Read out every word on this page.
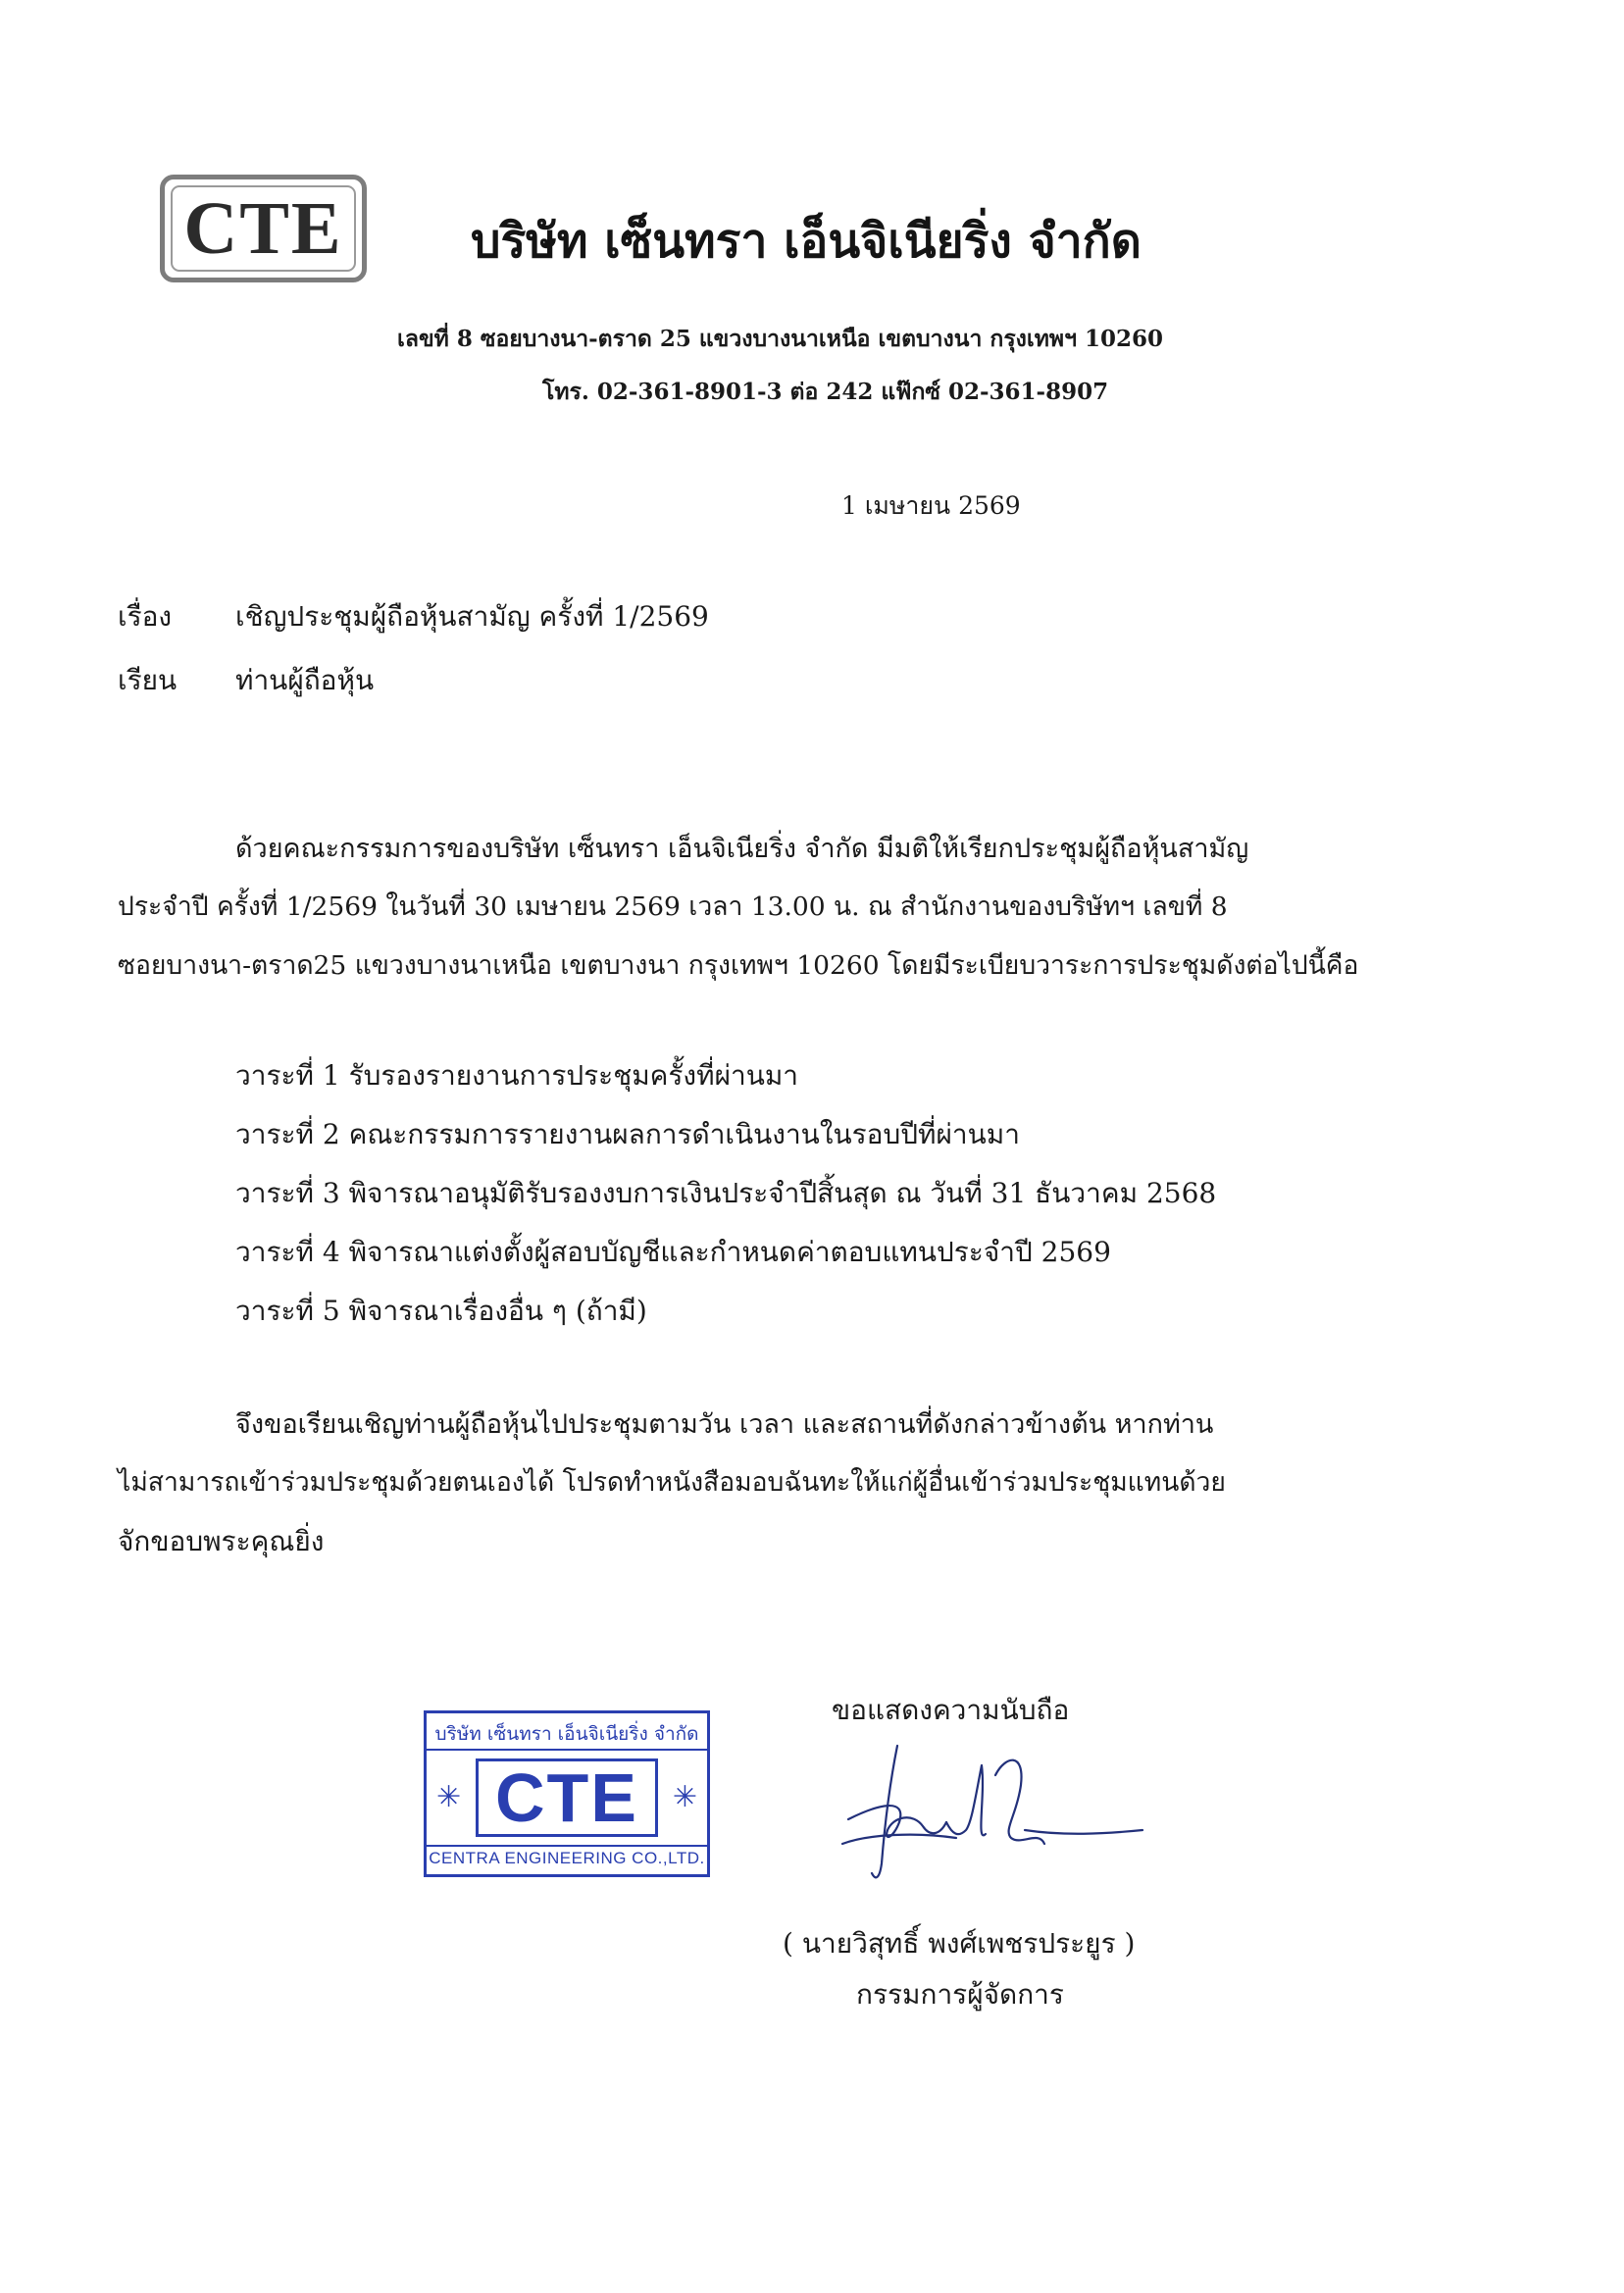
CTE	บริษัท เซ็นทรา เอ็นจิเนียริ่ง จำกัด
เลขที่ 8 ซอยบางนา-ตราด 25 แขวงบางนาเหนือ เขตบางนา กรุงเทพฯ 10260
โทร. 02-361-8901-3 ต่อ 242 แฟ๊กซ์ 02-361-8907
1 เมษายน 2569
เรื่อง เชิญประชุมผู้ถือหุ้นสามัญ ครั้งที่ 1/2569
เรียน ท่านผู้ถือหุ้น
ด้วยคณะกรรมการของบริษัท เซ็นทรา เอ็นจิเนียริ่ง จำกัด มีมติให้เรียกประชุมผู้ถือหุ้นสามัญ
ประจำปี ครั้งที่ 1/2569 ในวันที่ 30 เมษายน 2569 เวลา 13.00 น. ณ สำนักงานของบริษัทฯ เลขที่ 8
ซอยบางนา-ตราด25 แขวงบางนาเหนือ เขตบางนา กรุงเทพฯ 10260 โดยมีระเบียบวาระการประชุมดังต่อไปนี้คือ
วาระที่ 1 รับรองรายงานการประชุมครั้งที่ผ่านมา
วาระที่ 2 คณะกรรมการรายงานผลการดำเนินงานในรอบปีที่ผ่านมา
วาระที่ 3 พิจารณาอนุมัติรับรองงบการเงินประจำปีสิ้นสุด ณ วันที่ 31 ธันวาคม 2568
วาระที่ 4 พิจารณาแต่งตั้งผู้สอบบัญชีและกำหนดค่าตอบแทนประจำปี 2569
วาระที่ 5 พิจารณาเรื่องอื่น ๆ (ถ้ามี)
จึงขอเรียนเชิญท่านผู้ถือหุ้นไปประชุมตามวัน เวลา และสถานที่ดังกล่าวข้างต้น หากท่าน
ไม่สามารถเข้าร่วมประชุมด้วยตนเองได้ โปรดทำหนังสือมอบฉันทะให้แก่ผู้อื่นเข้าร่วมประชุมแทนด้วย
จักขอบพระคุณยิ่ง
บริษัท เซ็นทรา เอ็นจิเนียริ่ง จำกัด
✳ CTE	✳
CENTRA ENGINEERING CO.,LTD.
ขอแสดงความนับถือ
( นายวิสุทธิ์ พงศ์เพชรประยูร )
กรรมการผู้จัดการ
